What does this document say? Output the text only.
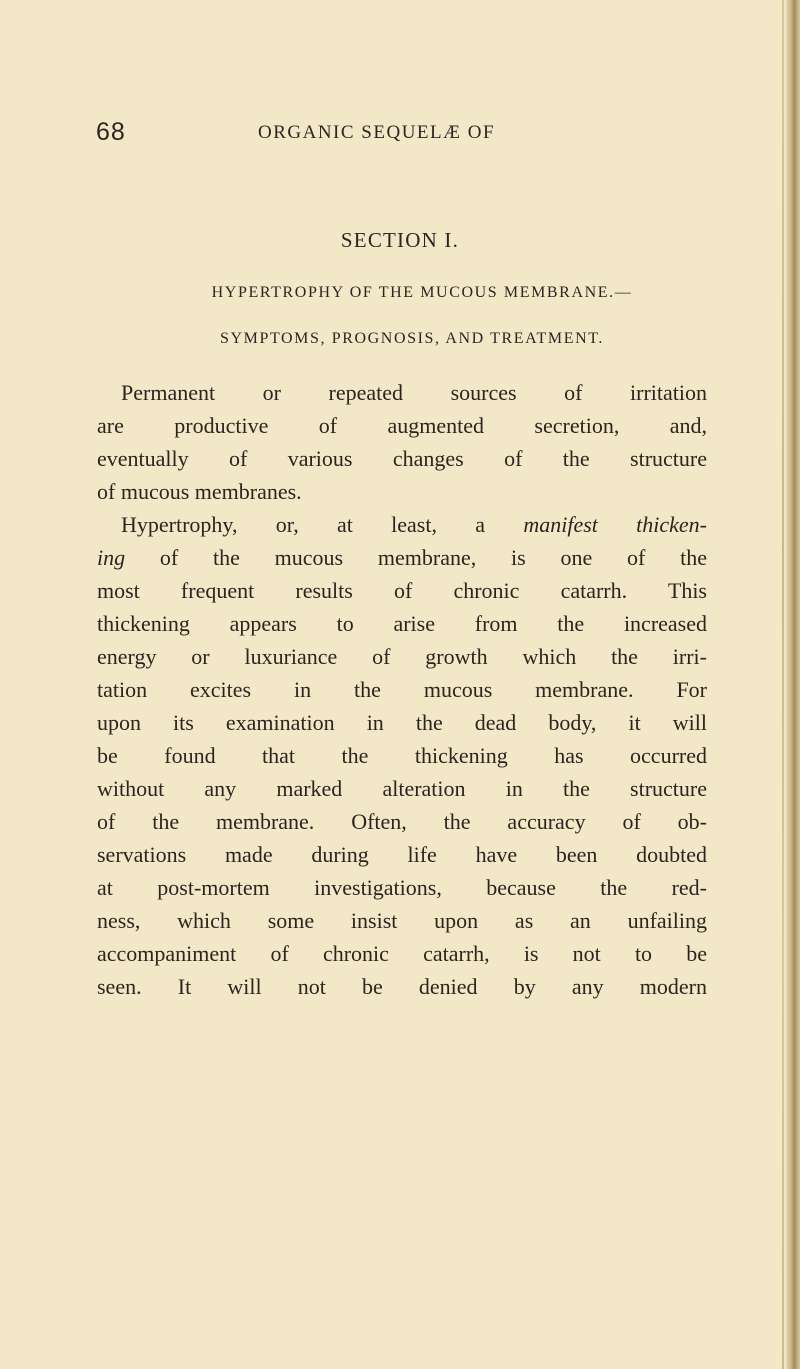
68	ORGANIC SEQUELÆ OF
SECTION I.
HYPERTROPHY OF THE MUCOUS MEMBRANE.—
SYMPTOMS, PROGNOSIS, AND TREATMENT.
Permanent or repeated sources of irritation
are productive of augmented secretion, and,
eventually of various changes of the structure
of mucous membranes.
Hypertrophy, or, at least, a manifest thicken-
ing of the mucous membrane, is one of the
most frequent results of chronic catarrh. This
thickening appears to arise from the increased
energy or luxuriance of growth which the irri-
tation excites in the mucous membrane. For
upon its examination in the dead body, it will
be found that the thickening has occurred
without any marked alteration in the structure
of the membrane. Often, the accuracy of ob-
servations made during life have been doubted
at post-mortem investigations, because the red-
ness, which some insist upon as an unfailing
accompaniment of chronic catarrh, is not to be
seen. It will not be denied by any modern
